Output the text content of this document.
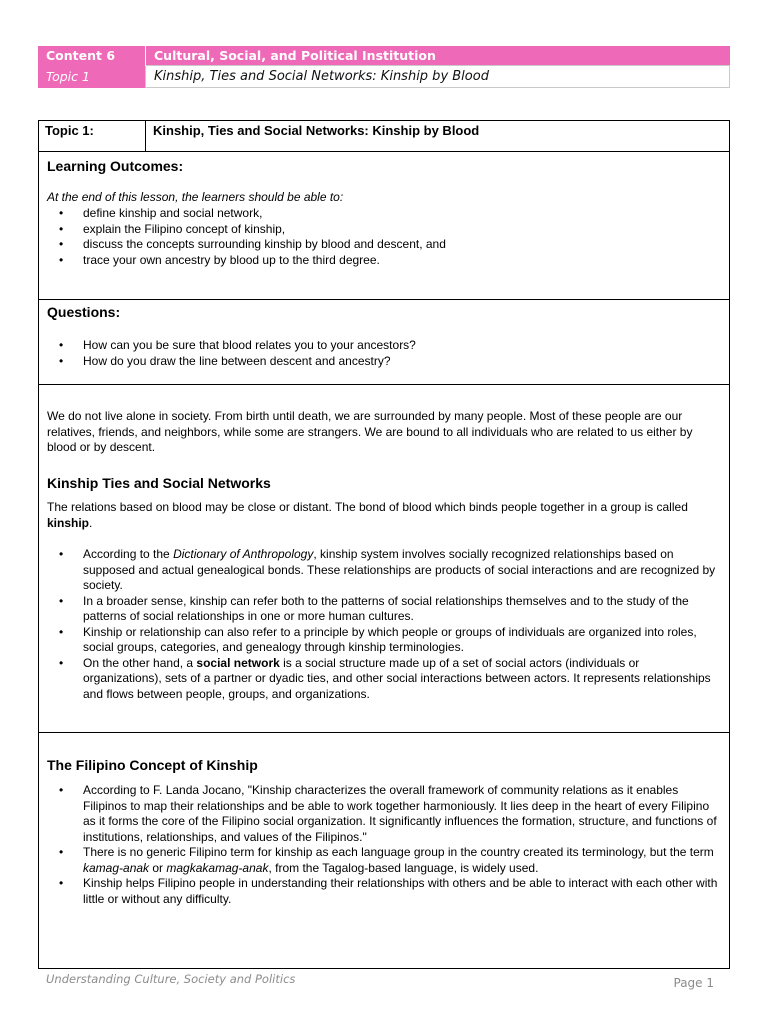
Content 6	Cultural, Social, and Political Institution
Topic 1	Kinship, Ties and Social Networks: Kinship by Blood
Topic 1:	Kinship, Ties and Social Networks: Kinship by Blood
Learning Outcomes:
At the end of this lesson, the learners should be able to:
• define kinship and social network,
• explain the Filipino concept of kinship,
• discuss the concepts surrounding kinship by blood and descent, and
• trace your own ancestry by blood up to the third degree.
Questions:
• How can you be sure that blood relates you to your ancestors?
• How do you draw the line between descent and ancestry?
We do not live alone in society. From birth until death, we are surrounded by many people. Most of these people are our relatives, friends, and neighbors, while some are strangers. We are bound to all individuals who are related to us either by blood or by descent.
Kinship Ties and Social Networks
The relations based on blood may be close or distant. The bond of blood which binds people together in a group is called kinship.
• According to the Dictionary of Anthropology, kinship system involves socially recognized relationships based on supposed and actual genealogical bonds. These relationships are products of social interactions and are recognized by society.
• In a broader sense, kinship can refer both to the patterns of social relationships themselves and to the study of the patterns of social relationships in one or more human cultures.
• Kinship or relationship can also refer to a principle by which people or groups of individuals are organized into roles, social groups, categories, and genealogy through kinship terminologies.
• On the other hand, a social network is a social structure made up of a set of social actors (individuals or organizations), sets of a partner or dyadic ties, and other social interactions between actors. It represents relationships and flows between people, groups, and organizations.
The Filipino Concept of Kinship
• According to F. Landa Jocano, "Kinship characterizes the overall framework of community relations as it enables Filipinos to map their relationships and be able to work together harmoniously. It lies deep in the heart of every Filipino as it forms the core of the Filipino social organization. It significantly influences the formation, structure, and functions of institutions, relationships, and values of the Filipinos."
• There is no generic Filipino term for kinship as each language group in the country created its terminology, but the term kamag-anak or magkakamag-anak, from the Tagalog-based language, is widely used.
• Kinship helps Filipino people in understanding their relationships with others and be able to interact with each other with little or without any difficulty.
Understanding Culture, Society and Politics	Page 1
